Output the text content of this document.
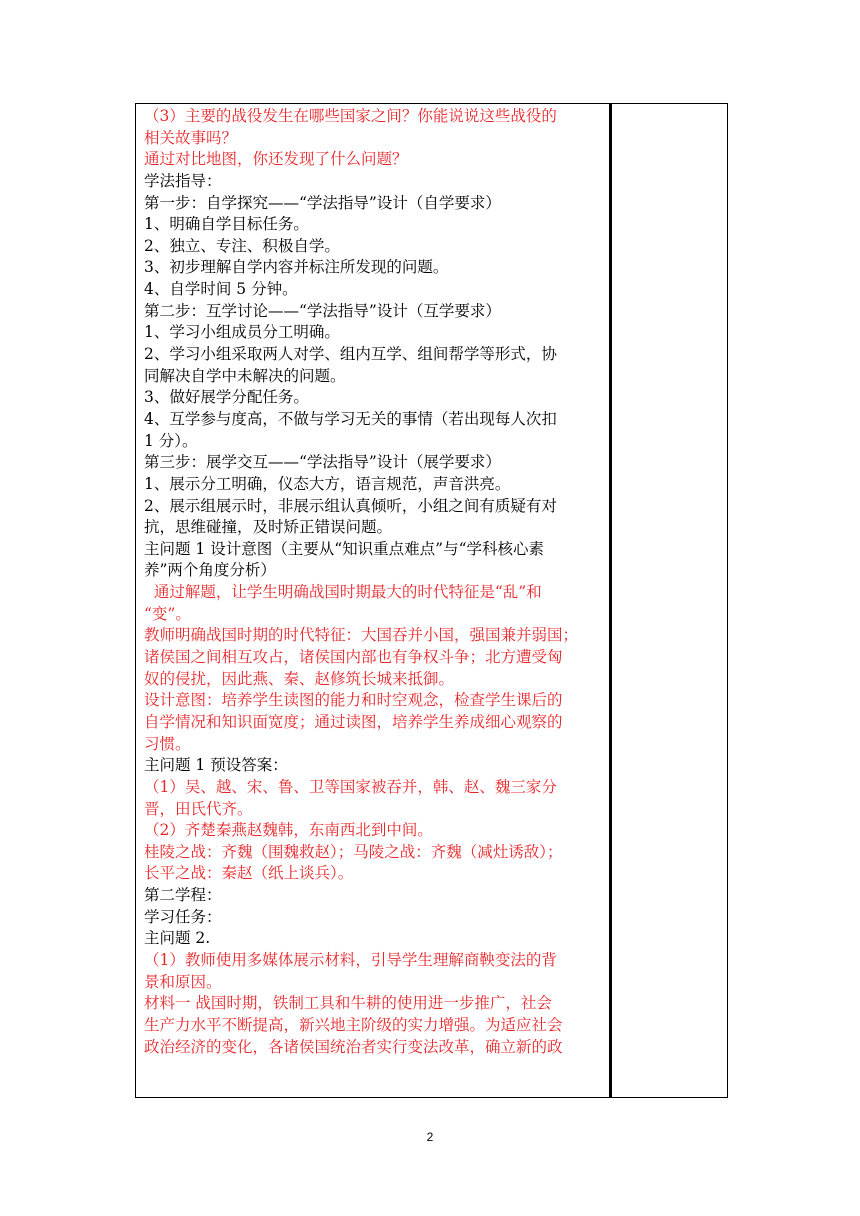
（3）主要的战役发生在哪些国家之间？你能说说这些战役的
相关故事吗？
通过对比地图，你还发现了什么问题？
学法指导：
第一步：自学探究——“学法指导”设计（自学要求）
1、明确自学目标任务。
2、独立、专注、积极自学。
3、初步理解自学内容并标注所发现的问题。
4、自学时间 5 分钟。
第二步：互学讨论——“学法指导”设计（互学要求）
1、学习小组成员分工明确。
2、学习小组采取两人对学、组内互学、组间帮学等形式，协
同解决自学中未解决的问题。
3、做好展学分配任务。
4、互学参与度高，不做与学习无关的事情（若出现每人次扣
1 分）。
第三步：展学交互——“学法指导”设计（展学要求）
1、展示分工明确，仪态大方，语言规范，声音洪亮。
2、展示组展示时，非展示组认真倾听，小组之间有质疑有对
抗，思维碰撞，及时矫正错误问题。
主问题 1 设计意图（主要从“知识重点难点”与“学科核心素
养”两个角度分析）
通过解题，让学生明确战国时期最大的时代特征是“乱”和
“变”。
教师明确战国时期的时代特征：大国吞并小国，强国兼并弱国；
诸侯国之间相互攻占，诸侯国内部也有争权斗争；北方遭受匈
奴的侵扰，因此燕、秦、赵修筑长城来抵御。
设计意图：培养学生读图的能力和时空观念，检查学生课后的
自学情况和知识面宽度；通过读图，培养学生养成细心观察的
习惯。
主问题 1 预设答案：
（1）吴、越、宋、鲁、卫等国家被吞并，韩、赵、魏三家分
晋，田氏代齐。
（2）齐楚秦燕赵魏韩，东南西北到中间。
桂陵之战：齐魏（围魏救赵）；马陵之战：齐魏（减灶诱敌）；
长平之战：秦赵（纸上谈兵）。
第二学程：
学习任务：
主问题 2.
（1）教师使用多媒体展示材料，引导学生理解商鞅变法的背
景和原因。
材料一 战国时期，铁制工具和牛耕的使用进一步推广，社会
生产力水平不断提高，新兴地主阶级的实力增强。为适应社会
政治经济的变化，各诸侯国统治者实行变法改革，确立新的政
2
